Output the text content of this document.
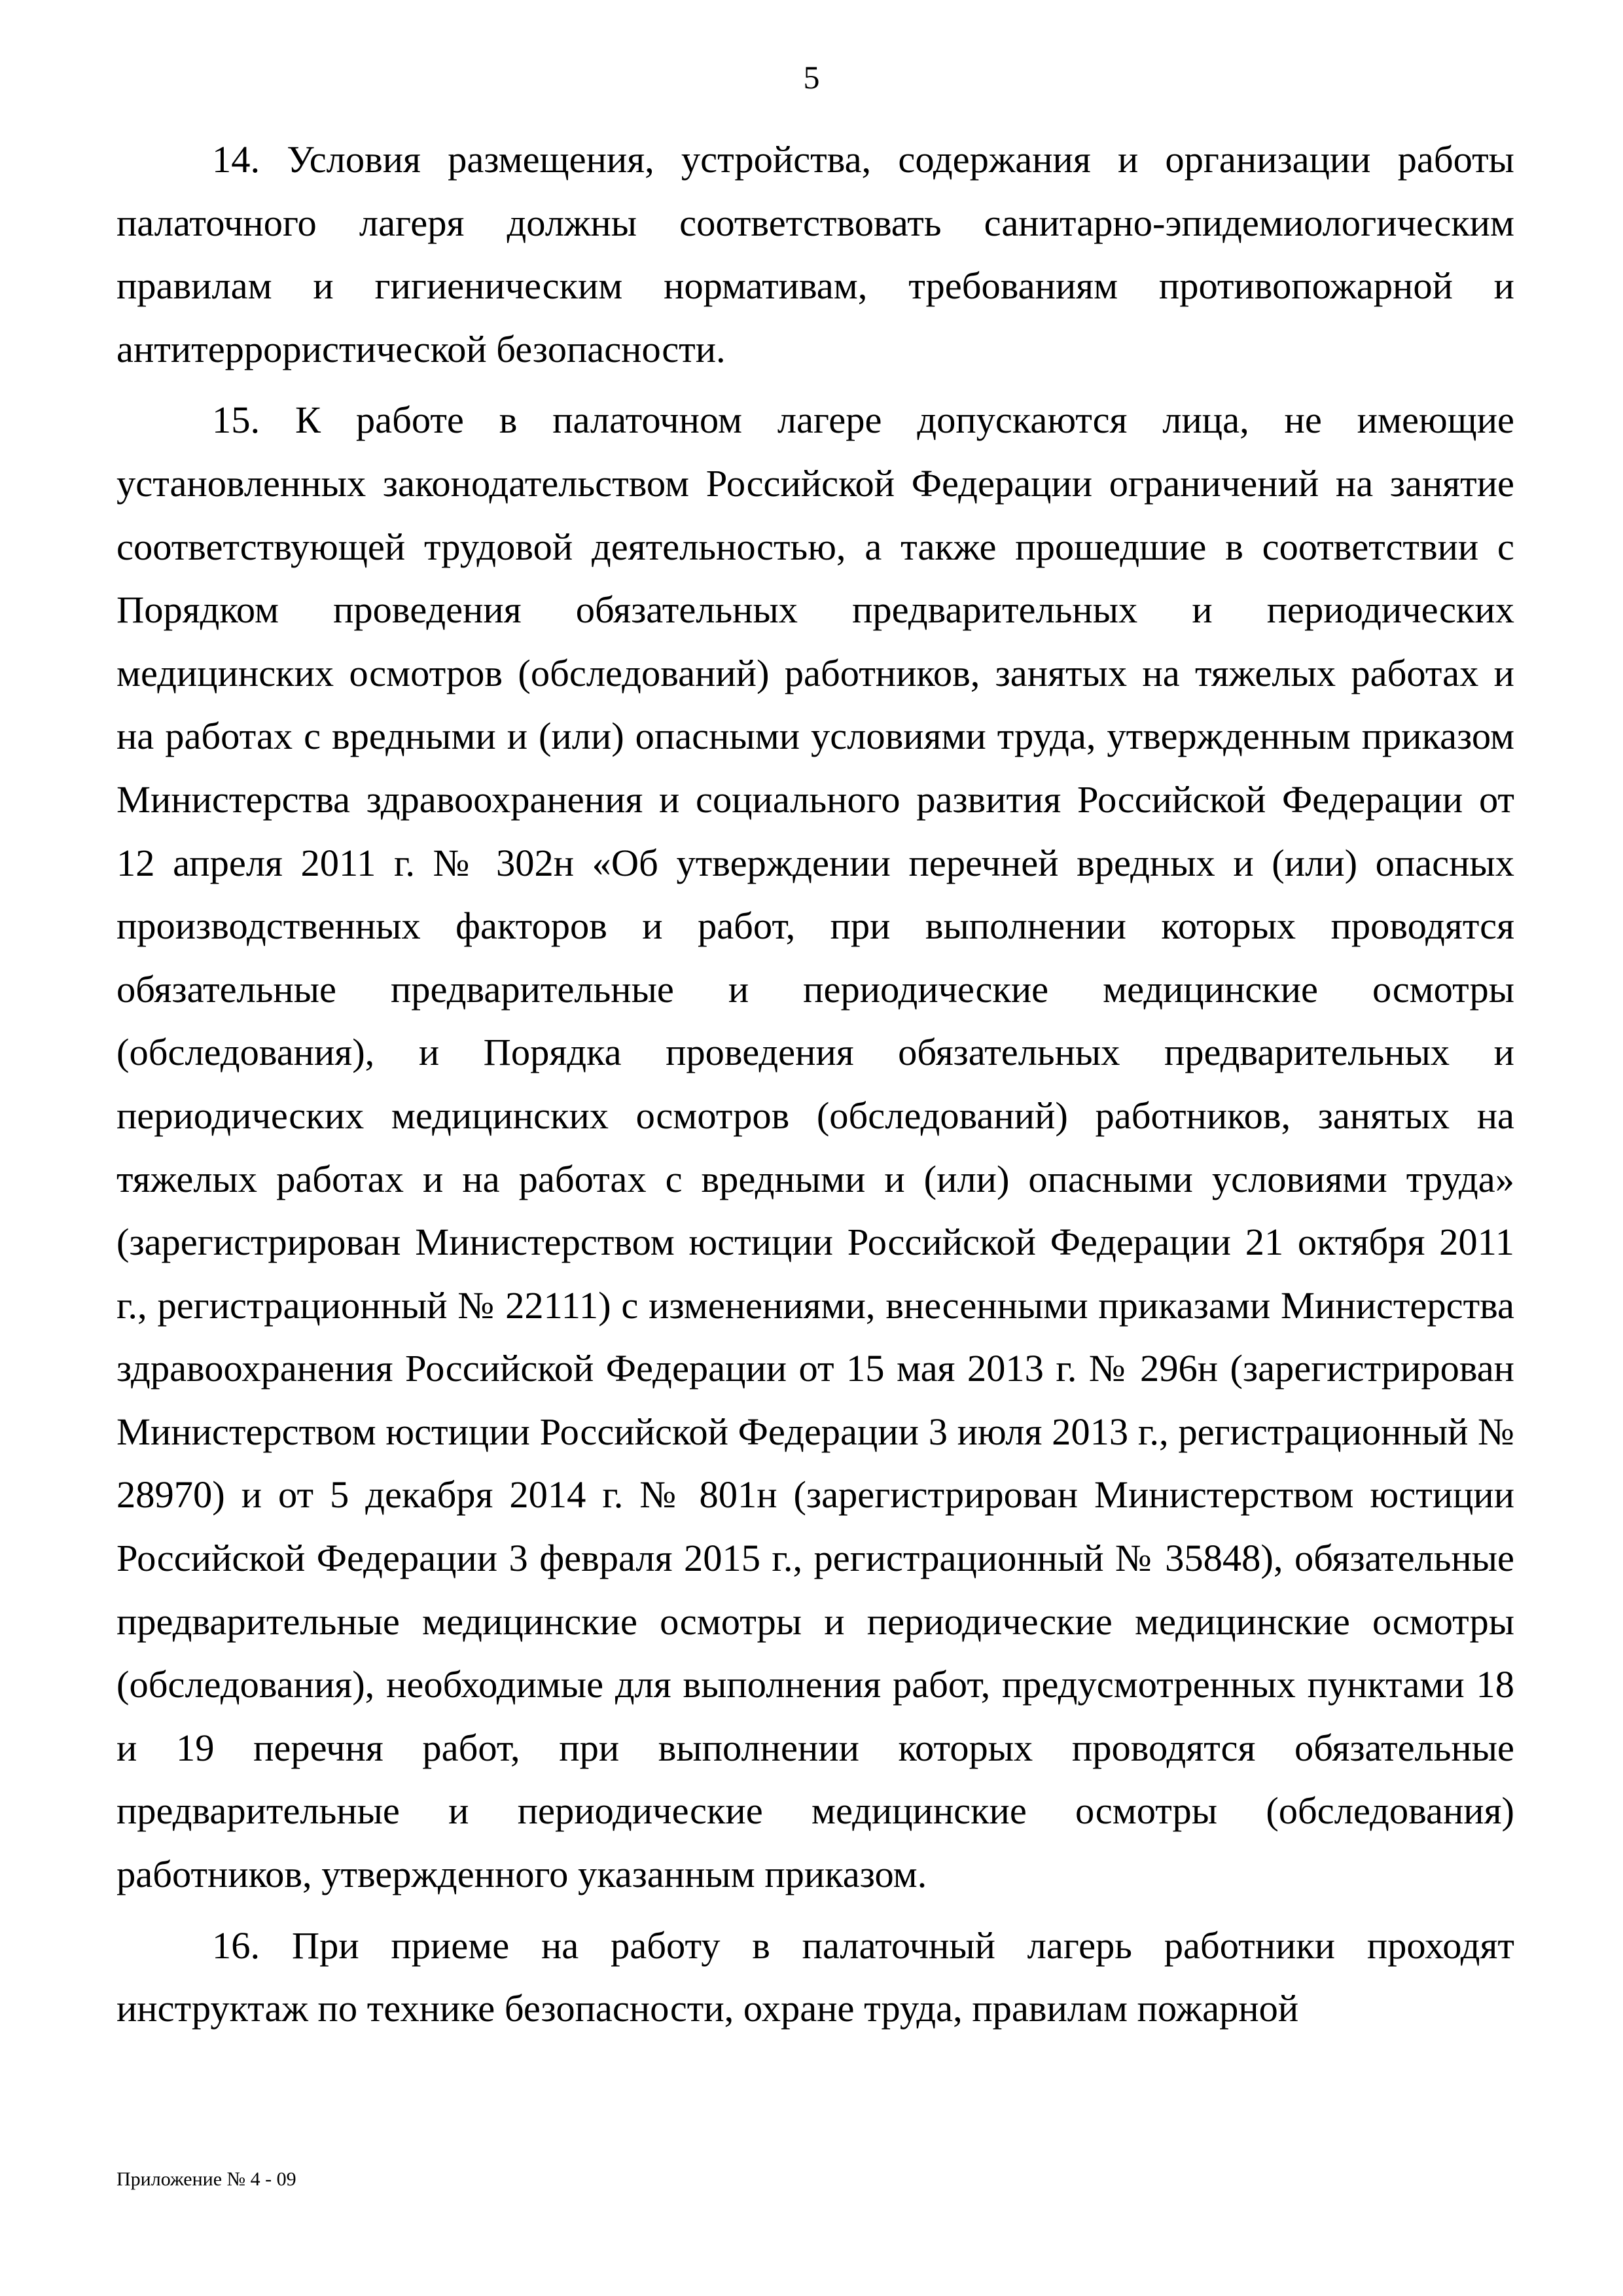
5

14. Условия размещения, устройства, содержания и организации работы палаточного лагеря должны соответствовать санитарно-эпидемиологическим правилам и гигиеническим нормативам, требованиям противопожарной и антитеррористической безопасности.

15. К работе в палаточном лагере допускаются лица, не имеющие установленных законодательством Российской Федерации ограничений на занятие соответствующей трудовой деятельностью, а также прошедшие в соответствии с Порядком проведения обязательных предварительных и периодических медицинских осмотров (обследований) работников, занятых на тяжелых работах и на работах с вредными и (или) опасными условиями труда, утвержденным приказом Министерства здравоохранения и социального развития Российской Федерации от 12 апреля 2011 г. № 302н «Об утверждении перечней вредных и (или) опасных производственных факторов и работ, при выполнении которых проводятся обязательные предварительные и периодические медицинские осмотры (обследования), и Порядка проведения обязательных предварительных и периодических медицинских осмотров (обследований) работников, занятых на тяжелых работах и на работах с вредными и (или) опасными условиями труда» (зарегистрирован Министерством юстиции Российской Федерации 21 октября 2011 г., регистрационный № 22111) с изменениями, внесенными приказами Министерства здравоохранения Российской Федерации от 15 мая 2013 г. № 296н (зарегистрирован Министерством юстиции Российской Федерации 3 июля 2013 г., регистрационный № 28970) и от 5 декабря 2014 г. № 801н (зарегистрирован Министерством юстиции Российской Федерации 3 февраля 2015 г., регистрационный № 35848), обязательные предварительные медицинские осмотры и периодические медицинские осмотры (обследования), необходимые для выполнения работ, предусмотренных пунктами 18 и 19 перечня работ, при выполнении которых проводятся обязательные предварительные и периодические медицинские осмотры (обследования) работников, утвержденного указанным приказом.

16. При приеме на работу в палаточный лагерь работники проходят инструктаж по технике безопасности, охране труда, правилам пожарной

Приложение № 4 - 09
